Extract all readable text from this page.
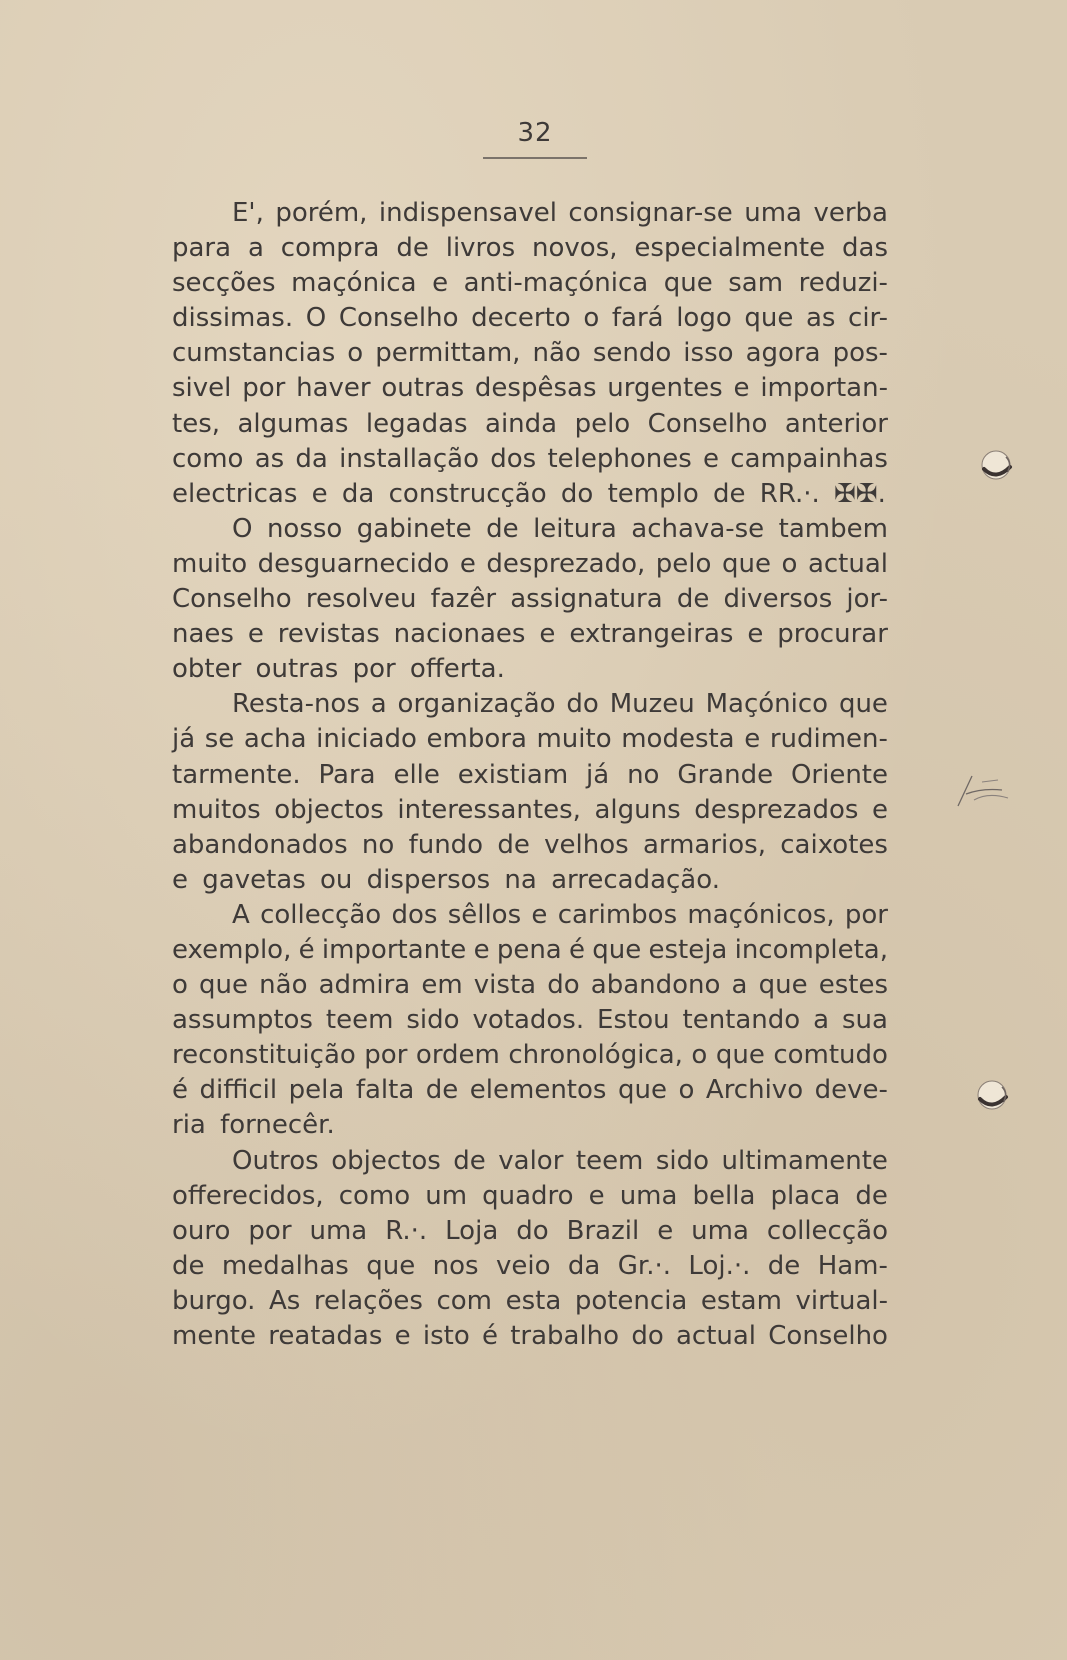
32
E', porém, indispensavel consignar-se uma verba
para a compra de livros novos, especialmente das
secções maçónica e anti-maçónica que sam reduzi-
dissimas. O Conselho decerto o fará logo que as cir-
cumstancias o permittam, não sendo isso agora pos-
sivel por haver outras despêsas urgentes e importan-
tes, algumas legadas ainda pelo Conselho anterior
como as da installação dos telephones e campainhas
electricas e da construcção do templo de RR.·. ✠✠.
O nosso gabinete de leitura achava-se tambem
muito desguarnecido e desprezado, pelo que o actual
Conselho resolveu fazêr assignatura de diversos jor-
naes e revistas nacionaes e extrangeiras e procurar
obter outras por offerta.
Resta-nos a organização do Muzeu Maçónico que
já se acha iniciado embora muito modesta e rudimen-
tarmente. Para elle existiam já no Grande Oriente
muitos objectos interessantes, alguns desprezados e
abandonados no fundo de velhos armarios, caixotes
e gavetas ou dispersos na arrecadação.
A collecção dos sêllos e carimbos maçónicos, por
exemplo, é importante e pena é que esteja incompleta,
o que não admira em vista do abandono a que estes
assumptos teem sido votados. Estou tentando a sua
reconstituição por ordem chronológica, o que comtudo
é difficil pela falta de elementos que o Archivo deve-
ria fornecêr.
Outros objectos de valor teem sido ultimamente
offerecidos, como um quadro e uma bella placa de
ouro por uma R.·. Loja do Brazil e uma collecção
de medalhas que nos veio da Gr.·. Loj.·. de Ham-
burgo. As relações com esta potencia estam virtual-
mente reatadas e isto é trabalho do actual Conselho
